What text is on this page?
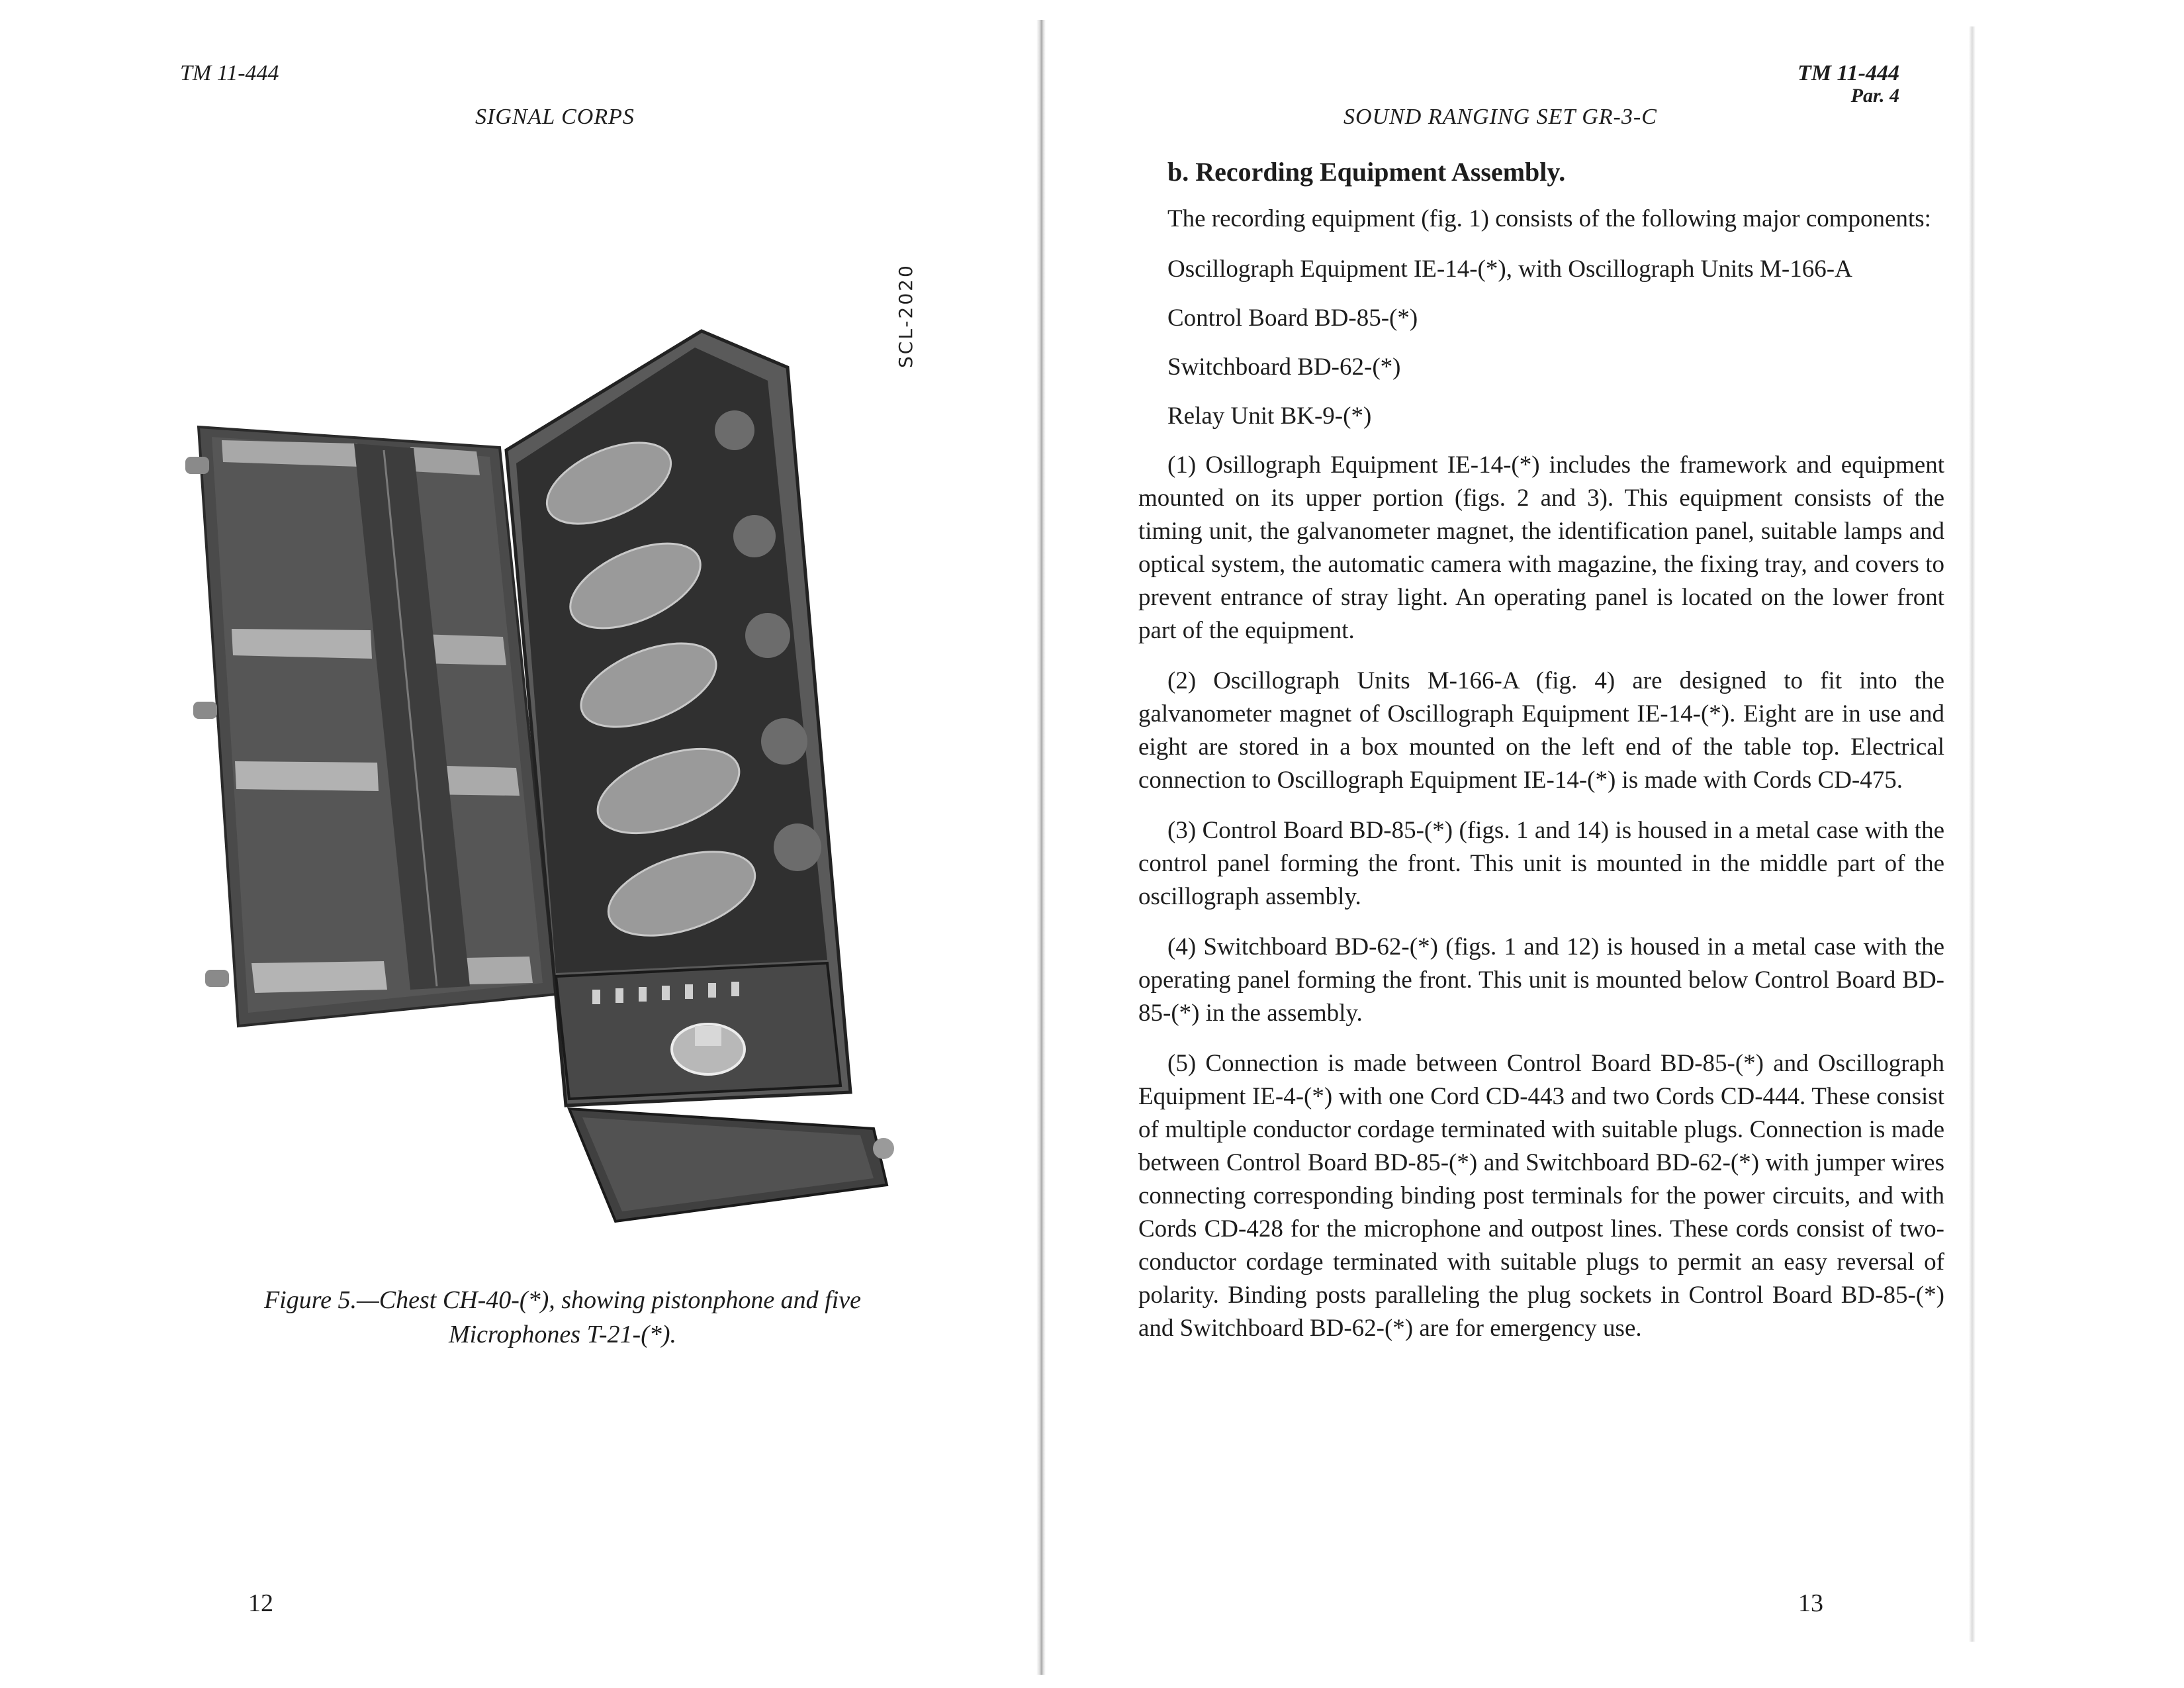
TM 11-444
SIGNAL CORPS
SCL-2020
Figure 5.—Chest CH-40-(*), showing pistonphone and five
Microphones T-21-(*).
12
TM 11-444
Par. 4
SOUND RANGING SET GR-3-C
b. Recording Equipment Assembly.

The recording equipment (fig. 1) consists of the following major components:

Oscillograph Equipment IE-14-(*), with Oscillograph Units M-166-A
Control Board BD-85-(*)
Switchboard BD-62-(*)
Relay Unit BK-9-(*)

(1) Osillograph Equipment IE-14-(*) includes the framework and equipment mounted on its upper portion (figs. 2 and 3). This equipment consists of the timing unit, the galvanometer magnet, the identification panel, suitable lamps and optical system, the automatic camera with magazine, the fixing tray, and covers to prevent entrance of stray light. An operating panel is located on the lower front part of the equipment.

(2) Oscillograph Units M-166-A (fig. 4) are designed to fit into the galvanometer magnet of Oscillograph Equipment IE-14-(*). Eight are in use and eight are stored in a box mounted on the left end of the table top. Electrical connection to Oscillograph Equipment IE-14-(*) is made with Cords CD-475.

(3) Control Board BD-85-(*) (figs. 1 and 14) is housed in a metal case with the control panel forming the front. This unit is mounted in the middle part of the oscillograph assembly.

(4) Switchboard BD-62-(*) (figs. 1 and 12) is housed in a metal case with the operating panel forming the front. This unit is mounted below Control Board BD-85-(*) in the assembly.

(5) Connection is made between Control Board BD-85-(*) and Oscillograph Equipment IE-4-(*) with one Cord CD-443 and two Cords CD-444. These consist of multiple conductor cordage terminated with suitable plugs. Connection is made between Control Board BD-85-(*) and Switchboard BD-62-(*) with jumper wires connecting corresponding binding post terminals for the power circuits, and with Cords CD-428 for the microphone and outpost lines. These cords consist of two-conductor cordage terminated with suitable plugs to permit an easy reversal of polarity. Binding posts paralleling the plug sockets in Control Board BD-85-(*) and Switchboard BD-62-(*) are for emergency use.

13
